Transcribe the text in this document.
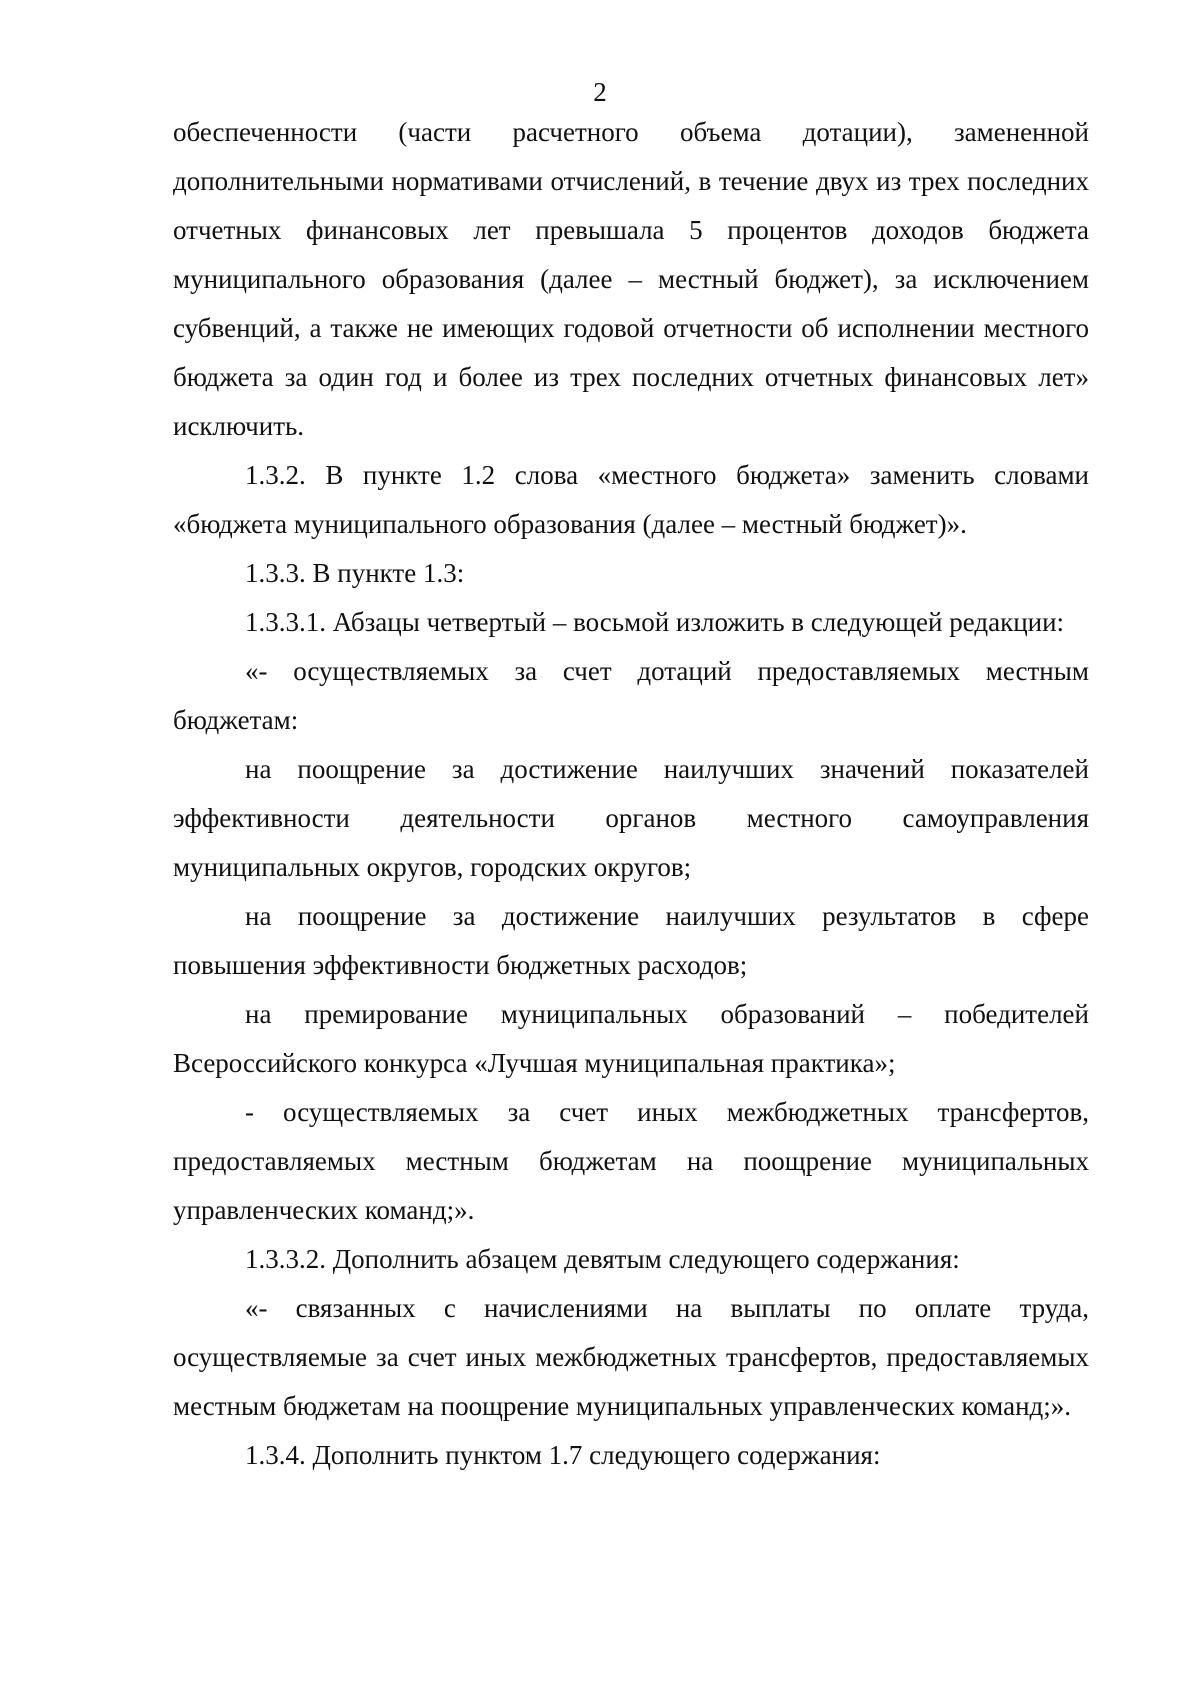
2

обеспеченности (части расчетного объема дотации), замененной дополнительными нормативами отчислений, в течение двух из трех последних отчетных финансовых лет превышала 5 процентов доходов бюджета муниципального образования (далее – местный бюджет), за исключением субвенций, а также не имеющих годовой отчетности об исполнении местного бюджета за один год и более из трех последних отчетных финансовых лет» исключить.

1.3.2. В пункте 1.2 слова «местного бюджета» заменить словами «бюджета муниципального образования (далее – местный бюджет)».

1.3.3. В пункте 1.3:

1.3.3.1. Абзацы четвертый – восьмой изложить в следующей редакции:

«- осуществляемых за счет дотаций предоставляемых местным бюджетам:

на поощрение за достижение наилучших значений показателей эффективности деятельности органов местного самоуправления муниципальных округов, городских округов;

на поощрение за достижение наилучших результатов в сфере повышения эффективности бюджетных расходов;

на премирование муниципальных образований – победителей Всероссийского конкурса «Лучшая муниципальная практика»;

- осуществляемых за счет иных межбюджетных трансфертов, предоставляемых местным бюджетам на поощрение муниципальных управленческих команд;».

1.3.3.2. Дополнить абзацем девятым следующего содержания:

«- связанных с начислениями на выплаты по оплате труда, осуществляемые за счет иных межбюджетных трансфертов, предоставляемых местным бюджетам на поощрение муниципальных управленческих команд;».

1.3.4. Дополнить пунктом 1.7 следующего содержания:
